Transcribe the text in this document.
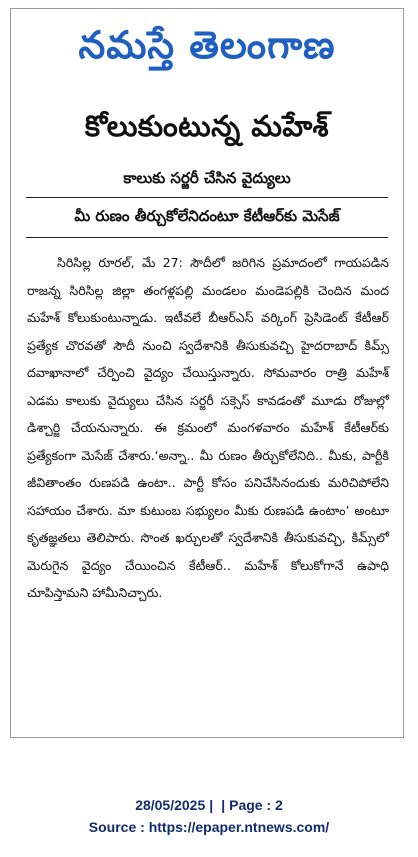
నమస్తే తెలంగాణ
కోలుకుంటున్న మహేశ్‌
కాలుకు సర్జరీ చేసిన వైద్యులు
మీ రుణం తీర్చుకోలేనిదంటూ కేటీఆర్‌కు మెసేజ్‌

సిరిసిల్ల రూరల్‌, మే 27: సౌదీలో జరిగిన ప్రమాదంలో గాయపడిన రాజన్న సిరిసిల్ల జిల్లా తంగళ్లపల్లి మండలం మండెపల్లికి చెందిన మంద మహేశ్‌ కోలుకుంటున్నాడు. ఇటీవలే బీఆర్‌ఎస్‌ వర్కింగ్‌ ప్రెసిడెంట్‌ కేటీఆర్‌ ప్రత్యేక చొరవతో సౌదీ నుంచి స్వదేశానికి తీసుకువచ్చి హైదరాబాద్‌ కిమ్స్‌ దవాఖానాలో చేర్పించి వైద్యం చేయిస్తున్నారు. సోమవారం రాత్రి మహేశ్‌ ఎడమ కాలుకు వైద్యులు చేసిన సర్జరీ సక్సెస్‌ కావడంతో మూడు రోజుల్లో డిశ్చార్జి చేయనున్నారు. ఈ క్రమంలో మంగళవారం మహేశ్‌ కేటీఆర్‌కు ప్రత్యేకంగా మెసేజ్‌ చేశారు.‘అన్నా.. మీ రుణం తీర్చుకోలేనిది.. మీకు, పార్టీకి జీవితాంతం రుణపడి ఉంటా.. పార్టీ కోసం పనిచేసినందుకు మరిచిపోలేని సహాయం చేశారు. మా కుటుంబ సభ్యులం మీకు రుణపడి ఉంటాం’ అంటూ కృతజ్ఞతలు తెలిపారు. సొంత ఖర్చులతో స్వదేశానికి తీసుకువచ్చి, కిమ్స్‌లో మెరుగైన వైద్యం చేయించిన కేటీఆర్‌.. మహేశ్‌ కోలుకోగానే ఉపాధి చూపిస్తామని హామీనిచ్చారు.

28/05/2025 | | Page : 2
Source : https://epaper.ntnews.com/
